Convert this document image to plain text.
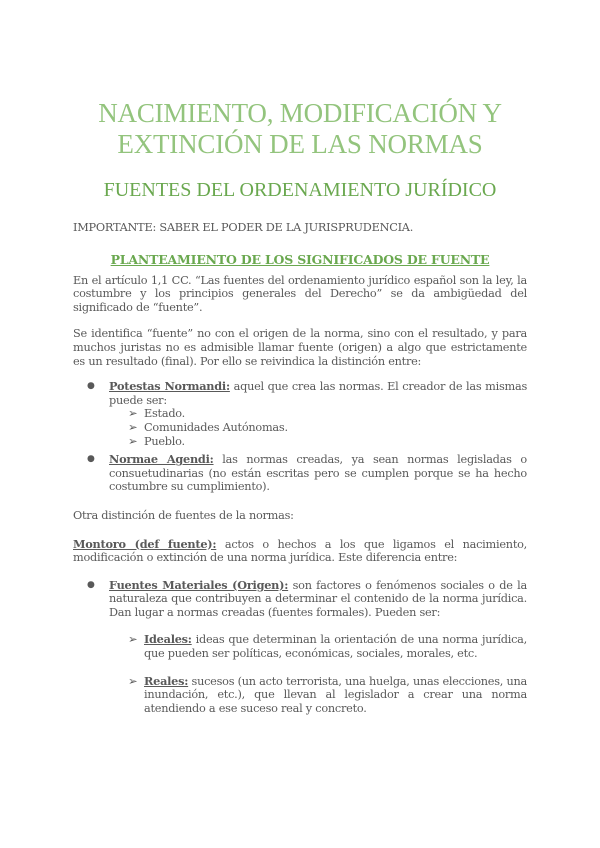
NACIMIENTO, MODIFICACIÓN Y EXTINCIÓN DE LAS NORMAS
FUENTES DEL ORDENAMIENTO JURÍDICO

IMPORTANTE: SABER EL PODER DE LA JURISPRUDENCIA.

PLANTEAMIENTO DE LOS SIGNIFICADOS DE FUENTE

En el artículo 1,1 CC. “Las fuentes del ordenamiento jurídico español son la ley, la costumbre y los principios generales del Derecho” se da ambigüedad del significado de “fuente”.

Se identifica “fuente” no con el origen de la norma, sino con el resultado, y para muchos juristas no es admisible llamar fuente (origen) a algo que estrictamente es un resultado (final). Por ello se reivindica la distinción entre:

● Potestas Normandi: aquel que crea las normas. El creador de las mismas puede ser:
➢ Estado.
➢ Comunidades Autónomas.
➢ Pueblo.
● Normae Agendi: las normas creadas, ya sean normas legisladas o consuetudinarias (no están escritas pero se cumplen porque se ha hecho costumbre su cumplimiento).

Otra distinción de fuentes de la normas:

Montoro (def fuente): actos o hechos a los que ligamos el nacimiento, modificación o extinción de una norma jurídica. Este diferencia entre:

● Fuentes Materiales (Origen): son factores o fenómenos sociales o de la naturaleza que contribuyen a determinar el contenido de la norma jurídica. Dan lugar a normas creadas (fuentes formales). Pueden ser:
➢ Ideales: ideas que determinan la orientación de una norma jurídica, que pueden ser políticas, económicas, sociales, morales, etc.
➢ Reales: sucesos (un acto terrorista, una huelga, unas elecciones, una inundación, etc.), que llevan al legislador a crear una norma atendiendo a ese suceso real y concreto.
